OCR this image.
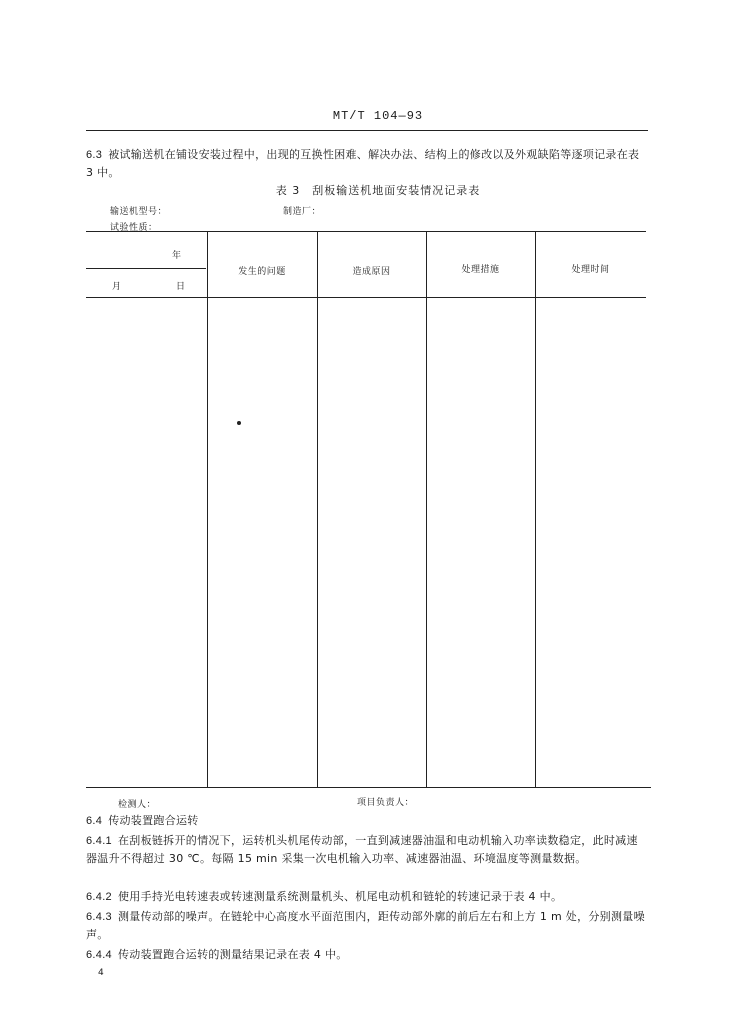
MT/T 104—93
6.3 被试输送机在铺设安装过程中，出现的互换性困难、解决办法、结构上的修改以及外观缺陷等逐项记录在表 3 中。
表 3　刮板输送机地面安装情况记录表
输送机型号：	制造厂：
试验性质：
年
月	日
发生的问题	造成原因	处理措施	处理时间
检测人：	项目负责人：
6.4 传动装置跑合运转
6.4.1 在刮板链拆开的情况下，运转机头机尾传动部，一直到减速器油温和电动机输入功率读数稳定，此时减速器温升不得超过 30 ℃。每隔 15 min 采集一次电机输入功率、减速器油温、环境温度等测量数据。
6.4.2 使用手持光电转速表或转速测量系统测量机头、机尾电动机和链轮的转速记录于表 4 中。
6.4.3 测量传动部的噪声。在链轮中心高度水平面范围内，距传动部外廓的前后左右和上方 1 m 处，分别测量噪声。
6.4.4 传动装置跑合运转的测量结果记录在表 4 中。
4
